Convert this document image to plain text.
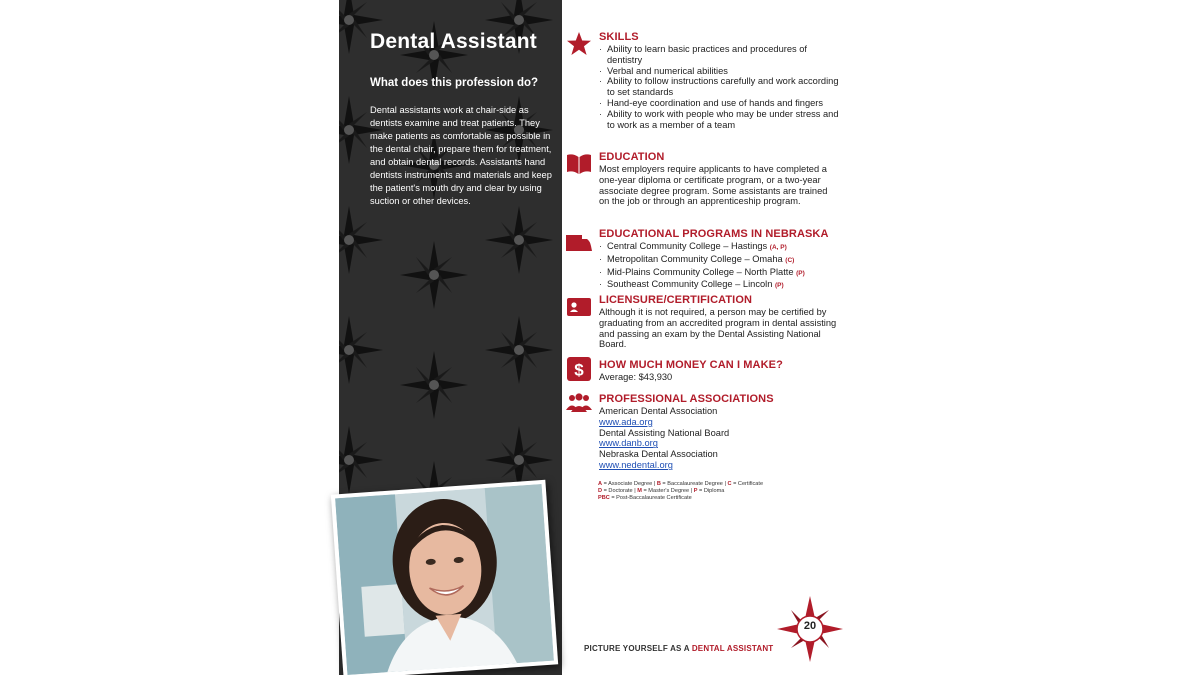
Dental Assistant
What does this profession do?
Dental assistants work at chair-side as dentists examine and treat patients. They make patients as comfortable as possible in the dental chair, prepare them for treatment, and obtain dental records. Assistants hand dentists instruments and materials and keep the patient's mouth dry and clear by using suction or other devices.
SKILLS
· Ability to learn basic practices and procedures of dentistry
· Verbal and numerical abilities
· Ability to follow instructions carefully and work according to set standards
· Hand-eye coordination and use of hands and fingers
· Ability to work with people who may be under stress and to work as a member of a team
EDUCATION
Most employers require applicants to have completed a one-year diploma or certificate program, or a two-year associate degree program. Some assistants are trained on the job or through an apprenticeship program.
EDUCATIONAL PROGRAMS IN NEBRASKA
· Central Community College – Hastings (A, P)
· Metropolitan Community College – Omaha (C)
· Mid-Plains Community College – North Platte (P)
· Southeast Community College – Lincoln (P)
LICENSURE/CERTIFICATION
Although it is not required, a person may be certified by graduating from an accredited program in dental assisting and passing an exam by the Dental Assisting National Board.
$ HOW MUCH MONEY CAN I MAKE?
Average: $43,930
PROFESSIONAL ASSOCIATIONS
American Dental Association
www.ada.org
Dental Assisting National Board
www.danb.org
Nebraska Dental Association
www.nedental.org
A = Associate Degree | B = Baccalaureate Degree | C = Certificate
D = Doctorate | M = Master's Degree | P = Diploma
PBC = Post-Baccalaureate Certificate
PICTURE YOURSELF AS A DENTAL ASSISTANT
20
